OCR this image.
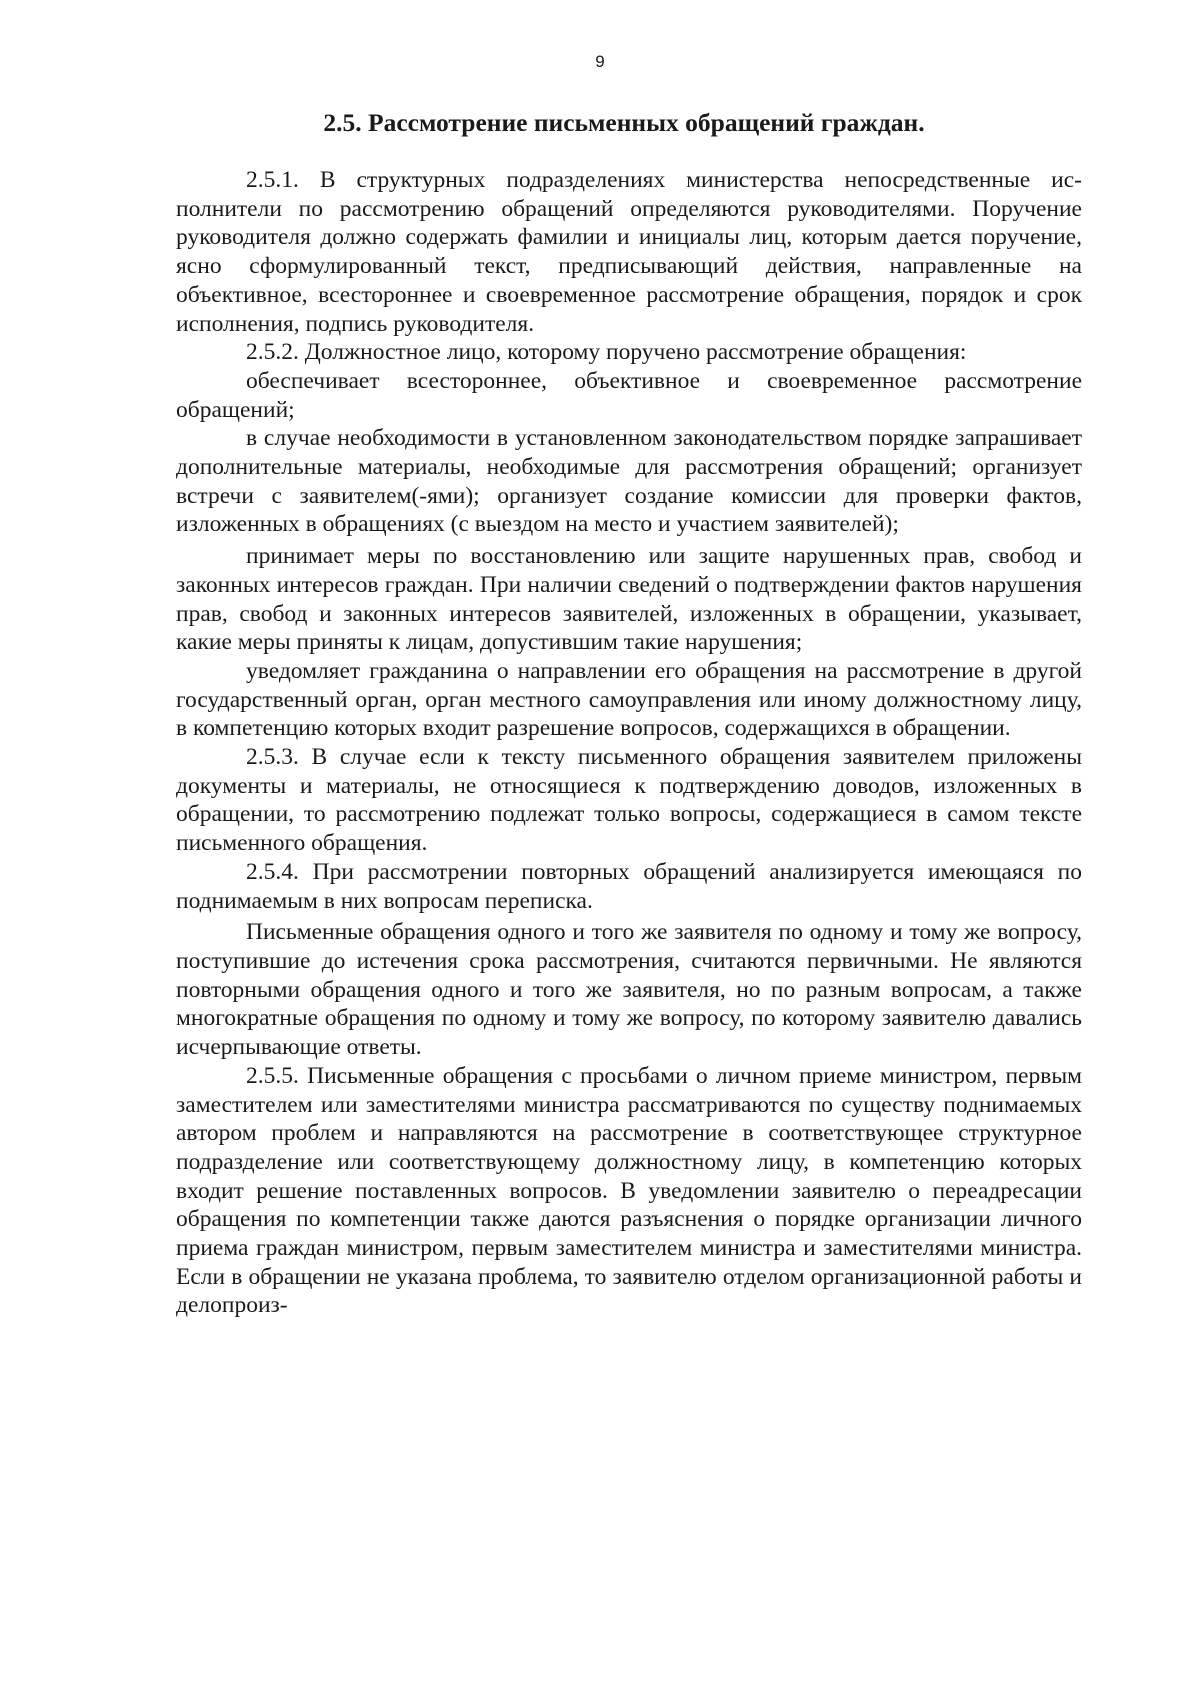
9
2.5. Рассмотрение письменных обращений граждан.

2.5.1. В структурных подразделениях министерства непосредственные исполнители по рассмотрению обращений определяются руководителями. Поручение руководителя должно содержать фамилии и инициалы лиц, которым дается поручение, ясно сформулированный текст, предписывающий действия, направленные на объективное, всестороннее и своевременное рассмотрение обращения, порядок и срок исполнения, подпись руководителя.

2.5.2. Должностное лицо, которому поручено рассмотрение обращения:

обеспечивает всестороннее, объективное и своевременное рассмотрение обращений;

в случае необходимости в установленном законодательством порядке запрашивает дополнительные материалы, необходимые для рассмотрения обращений; организует встречи с заявителем(-ями); организует создание комиссии для проверки фактов, изложенных в обращениях (с выездом на место и участием заявителей);

принимает меры по восстановлению или защите нарушенных прав, свобод и законных интересов граждан. При наличии сведений о подтверждении фактов нарушения прав, свобод и законных интересов заявителей, изложенных в обращении, указывает, какие меры приняты к лицам, допустившим такие нарушения;

уведомляет гражданина о направлении его обращения на рассмотрение в другой государственный орган, орган местного самоуправления или иному должностному лицу, в компетенцию которых входит разрешение вопросов, содержащихся в обращении.

2.5.3. В случае если к тексту письменного обращения заявителем приложены документы и материалы, не относящиеся к подтверждению доводов, изложенных в обращении, то рассмотрению подлежат только вопросы, содержащиеся в самом тексте письменного обращения.

2.5.4. При рассмотрении повторных обращений анализируется имеющаяся по поднимаемым в них вопросам переписка.

Письменные обращения одного и того же заявителя по одному и тому же вопросу, поступившие до истечения срока рассмотрения, считаются первичными. Не являются повторными обращения одного и того же заявителя, но по разным вопросам, а также многократные обращения по одному и тому же вопросу, по которому заявителю давались исчерпывающие ответы.

2.5.5. Письменные обращения с просьбами о личном приеме министром, первым заместителем или заместителями министра рассматриваются по существу поднимаемых автором проблем и направляются на рассмотрение в соответствующее структурное подразделение или соответствующему должностному лицу, в компетенцию которых входит решение поставленных вопросов. В уведомлении заявителю о переадресации обращения по компетенции также даются разъяснения о порядке организации личного приема граждан министром, первым заместителем министра и заместителями министра. Если в обращении не указана проблема, то заявителю отделом организационной работы и делопроиз-
